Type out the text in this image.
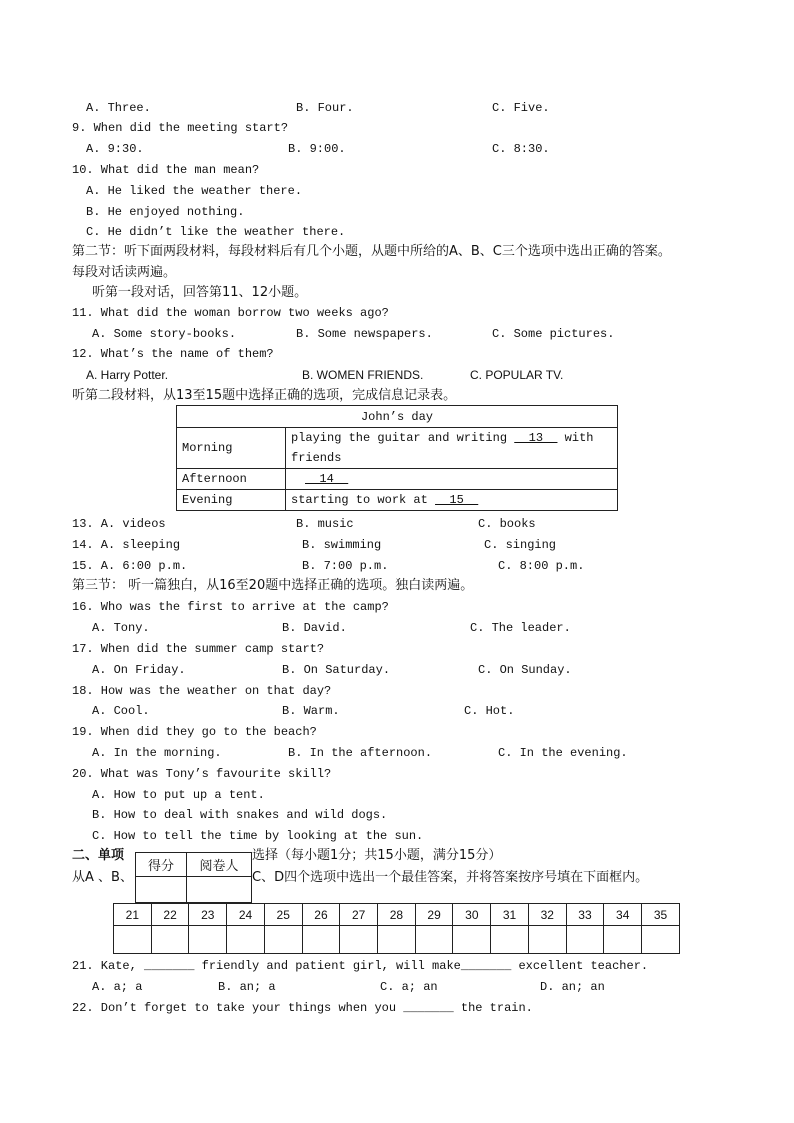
A. Three.	B. Four.	C. Five.
9. When did the meeting start?
A. 9:30.	B. 9:00.	C. 8:30.
10. What did the man mean?
A. He liked the weather there.
B. He enjoyed nothing.
C. He didn’t like the weather there.
第二节：听下面两段材料，每段材料后有几个小题，从题中所给的A、B、C三个选项中选出正确的答案。
每段对话读两遍。
听第一段对话，回答第11、12小题。
11. What did the woman borrow two weeks ago?
A. Some story-books.	B. Some newspapers.	C. Some pictures.
12. What’s the name of them?
A. Harry Potter.	B. WOMEN FRIENDS.	C. POPULAR TV.
听第二段材料，从13至15题中选择正确的选项，完成信息记录表。
John’s day	
Morning	playing the guitar and writing   13   with
friends
Afternoon	14
Evening	starting to work at   15
13. A. videos	B. music	C. books
14. A. sleeping	B. swimming	C. singing
15. A. 6:00 p.m.	B. 7:00 p.m.	C. 8:00 p.m.
第三节： 听一篇独白，从16至20题中选择正确的选项。独白读两遍。
16. Who was the first to arrive at the camp?
A. Tony.	B. David.	C. The leader.
17. When did the summer camp start?
A. On Friday.	B. On Saturday.	C. On Sunday.
18. How was the weather on that day?
A. Cool.	B. Warm.	C. Hot.
19. When did they go to the beach?
A. In the morning.	B. In the afternoon.	C. In the evening.
20. What was Tony’s favourite skill?
A. How to put up a tent.
B. How to deal with snakes and wild dogs.
C. How to tell the time by looking at the sun.
二、单项	选择（每小题1分；共15小题，满分15分）
从A 、B、	C、D四个选项中选出一个最佳答案，并将答案按序号填在下面框内。
得分	阅卷人

21	22	23	24	25	26	27	28	29	30	31	32	33	34	35

21. Kate, _______ friendly and patient girl, will make_______ excellent teacher.
A. a; a	B. an; a	C. a; an	D. an; an
22. Don’t forget to take your things when you _______ the train.
